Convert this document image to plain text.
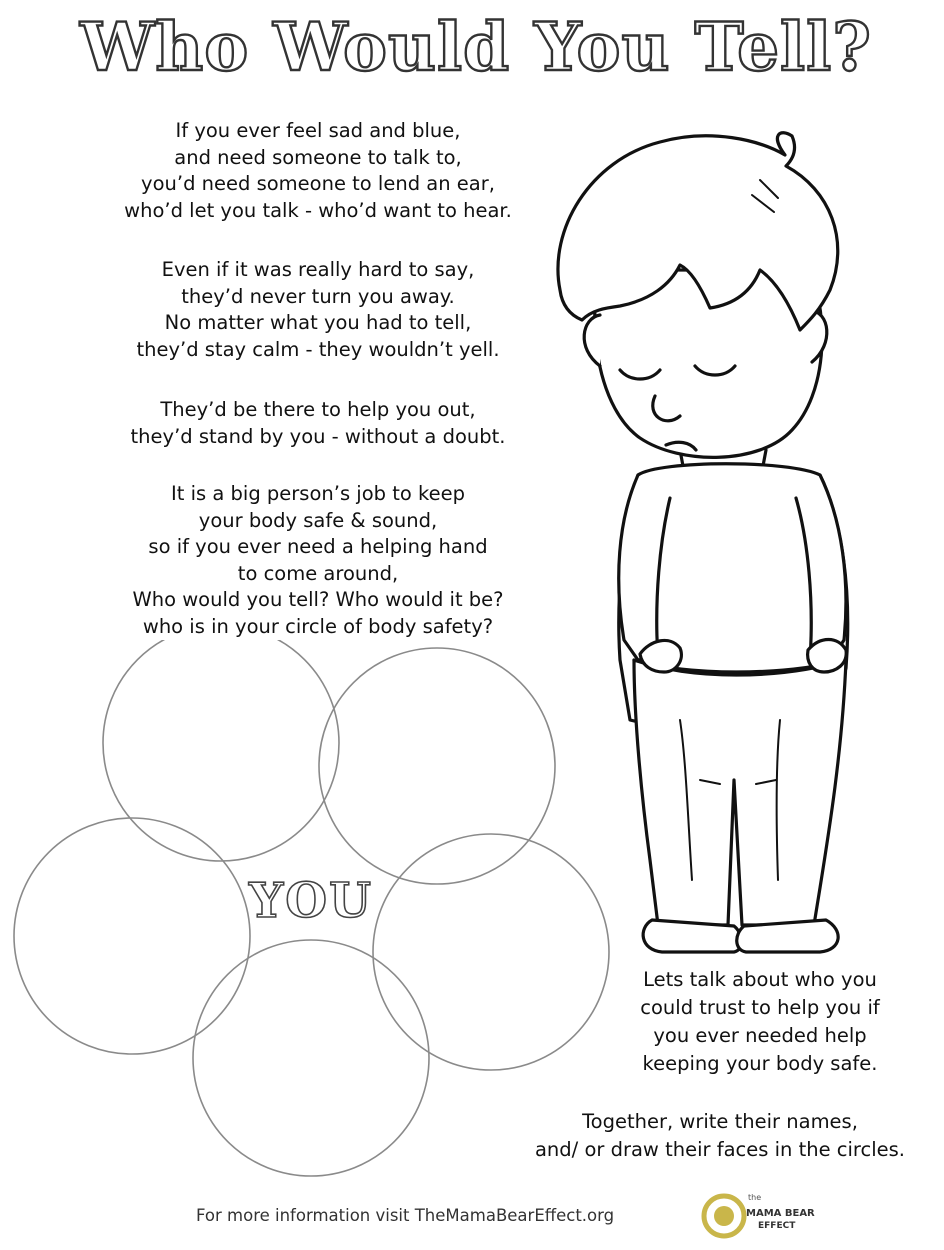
Who Would You Tell?

If you ever feel sad and blue,
and need someone to talk to,
you’d need someone to lend an ear,
who’d let you talk - who’d want to hear.

Even if it was really hard to say,
they’d never turn you away.
No matter what you had to tell,
they’d stay calm - they wouldn’t yell.

They’d be there to help you out,
they’d stand by you - without a doubt.

It is a big person’s job to keep
your body safe & sound,
so if you ever need a helping hand
to come around,
Who would you tell? Who would it be?
who is in your circle of body safety?

YOU

Lets talk about who you
could trust to help you if
you ever needed help
keeping your body safe.

Together, write their names,
and/ or draw their faces in the circles.

For more information visit TheMamaBearEffect.org
the
MAMA BEAR
EFFECT
